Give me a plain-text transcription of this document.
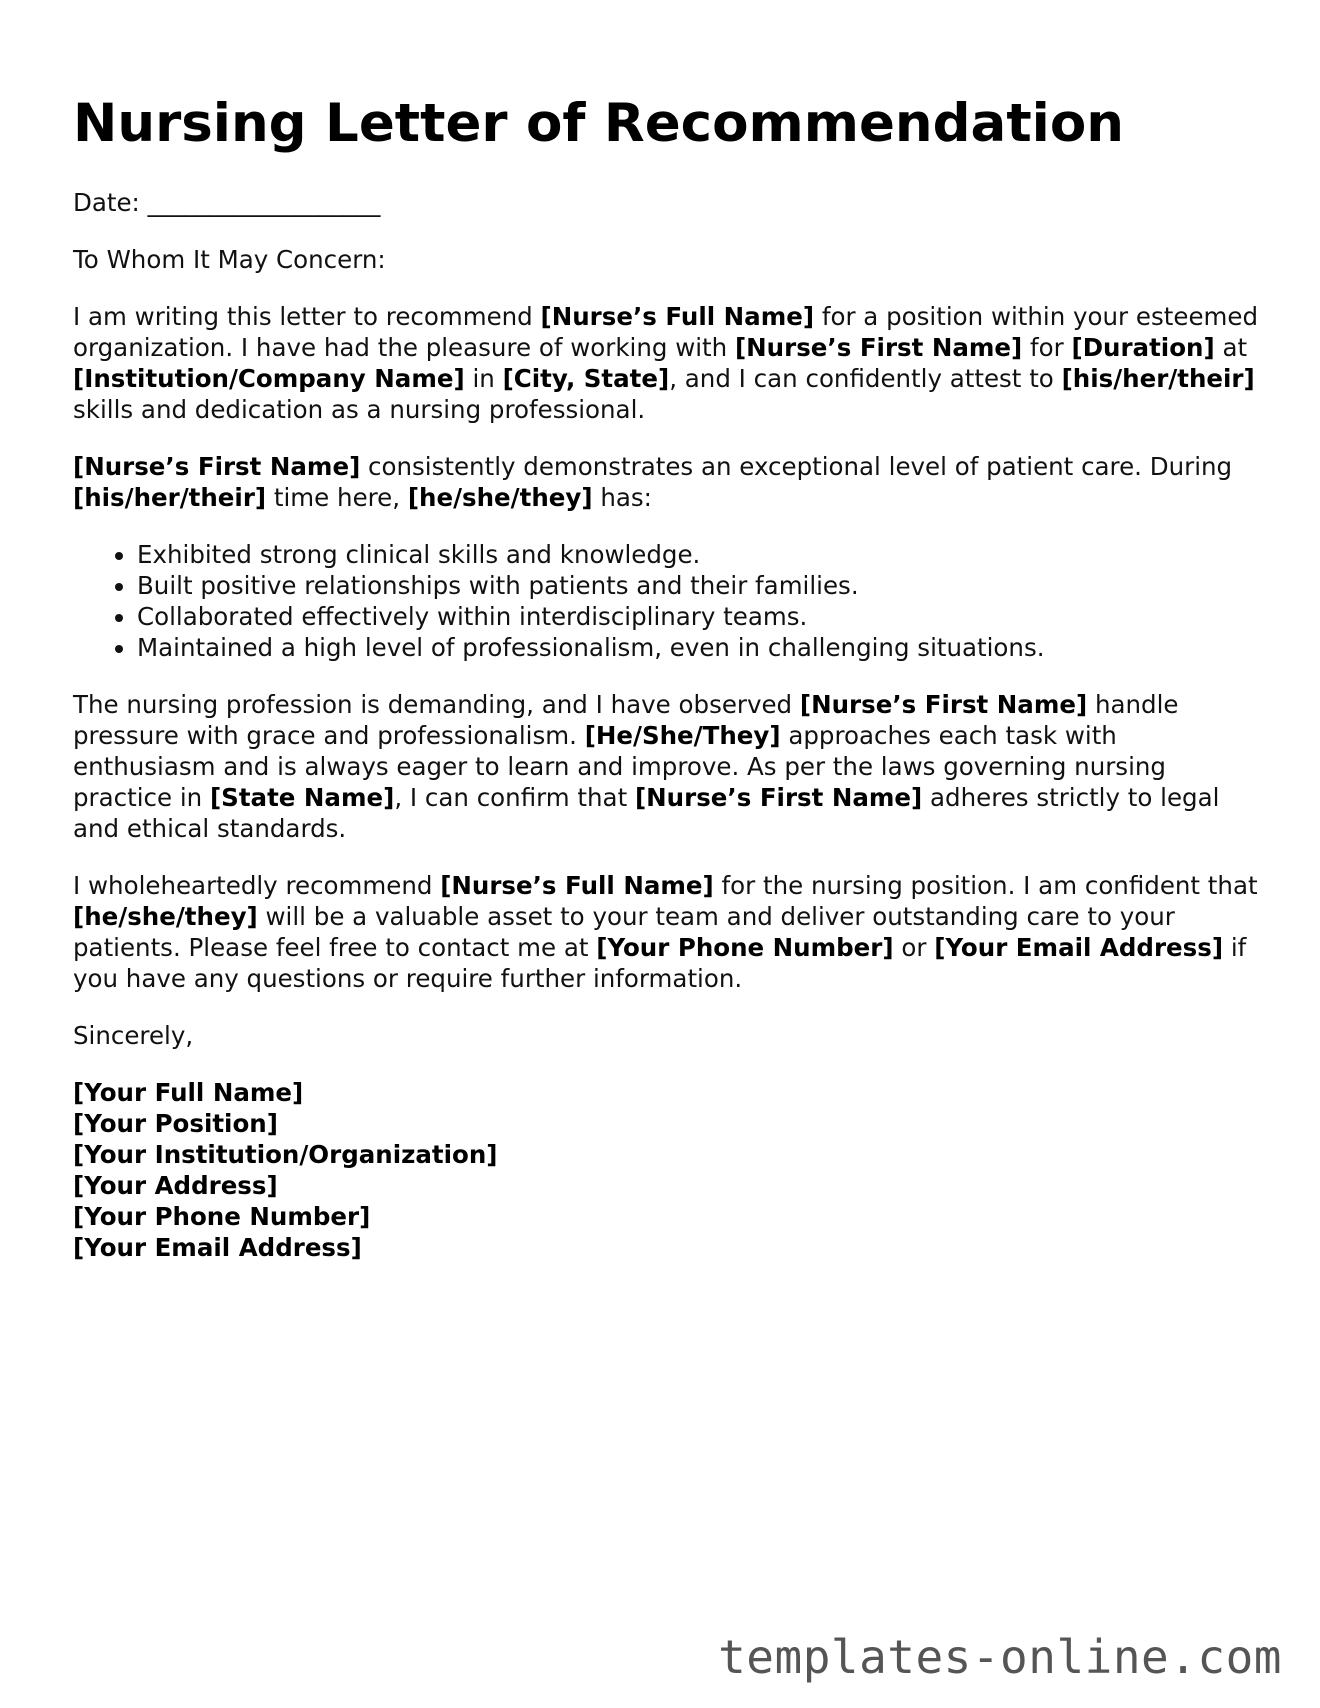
Nursing Letter of Recommendation

Date: ___________________

To Whom It May Concern:

I am writing this letter to recommend [Nurse’s Full Name] for a position within your esteemed organization. I have had the pleasure of working with [Nurse’s First Name] for [Duration] at [Institution/Company Name] in [City, State], and I can confidently attest to [his/her/their] skills and dedication as a nursing professional.

[Nurse’s First Name] consistently demonstrates an exceptional level of patient care. During [his/her/their] time here, [he/she/they] has:

• Exhibited strong clinical skills and knowledge.
• Built positive relationships with patients and their families.
• Collaborated effectively within interdisciplinary teams.
• Maintained a high level of professionalism, even in challenging situations.

The nursing profession is demanding, and I have observed [Nurse’s First Name] handle pressure with grace and professionalism. [He/She/They] approaches each task with enthusiasm and is always eager to learn and improve. As per the laws governing nursing practice in [State Name], I can confirm that [Nurse’s First Name] adheres strictly to legal and ethical standards.

I wholeheartedly recommend [Nurse’s Full Name] for the nursing position. I am confident that [he/she/they] will be a valuable asset to your team and deliver outstanding care to your patients. Please feel free to contact me at [Your Phone Number] or [Your Email Address] if you have any questions or require further information.

Sincerely,

[Your Full Name]
[Your Position]
[Your Institution/Organization]
[Your Address]
[Your Phone Number]
[Your Email Address]
templates-online.com
